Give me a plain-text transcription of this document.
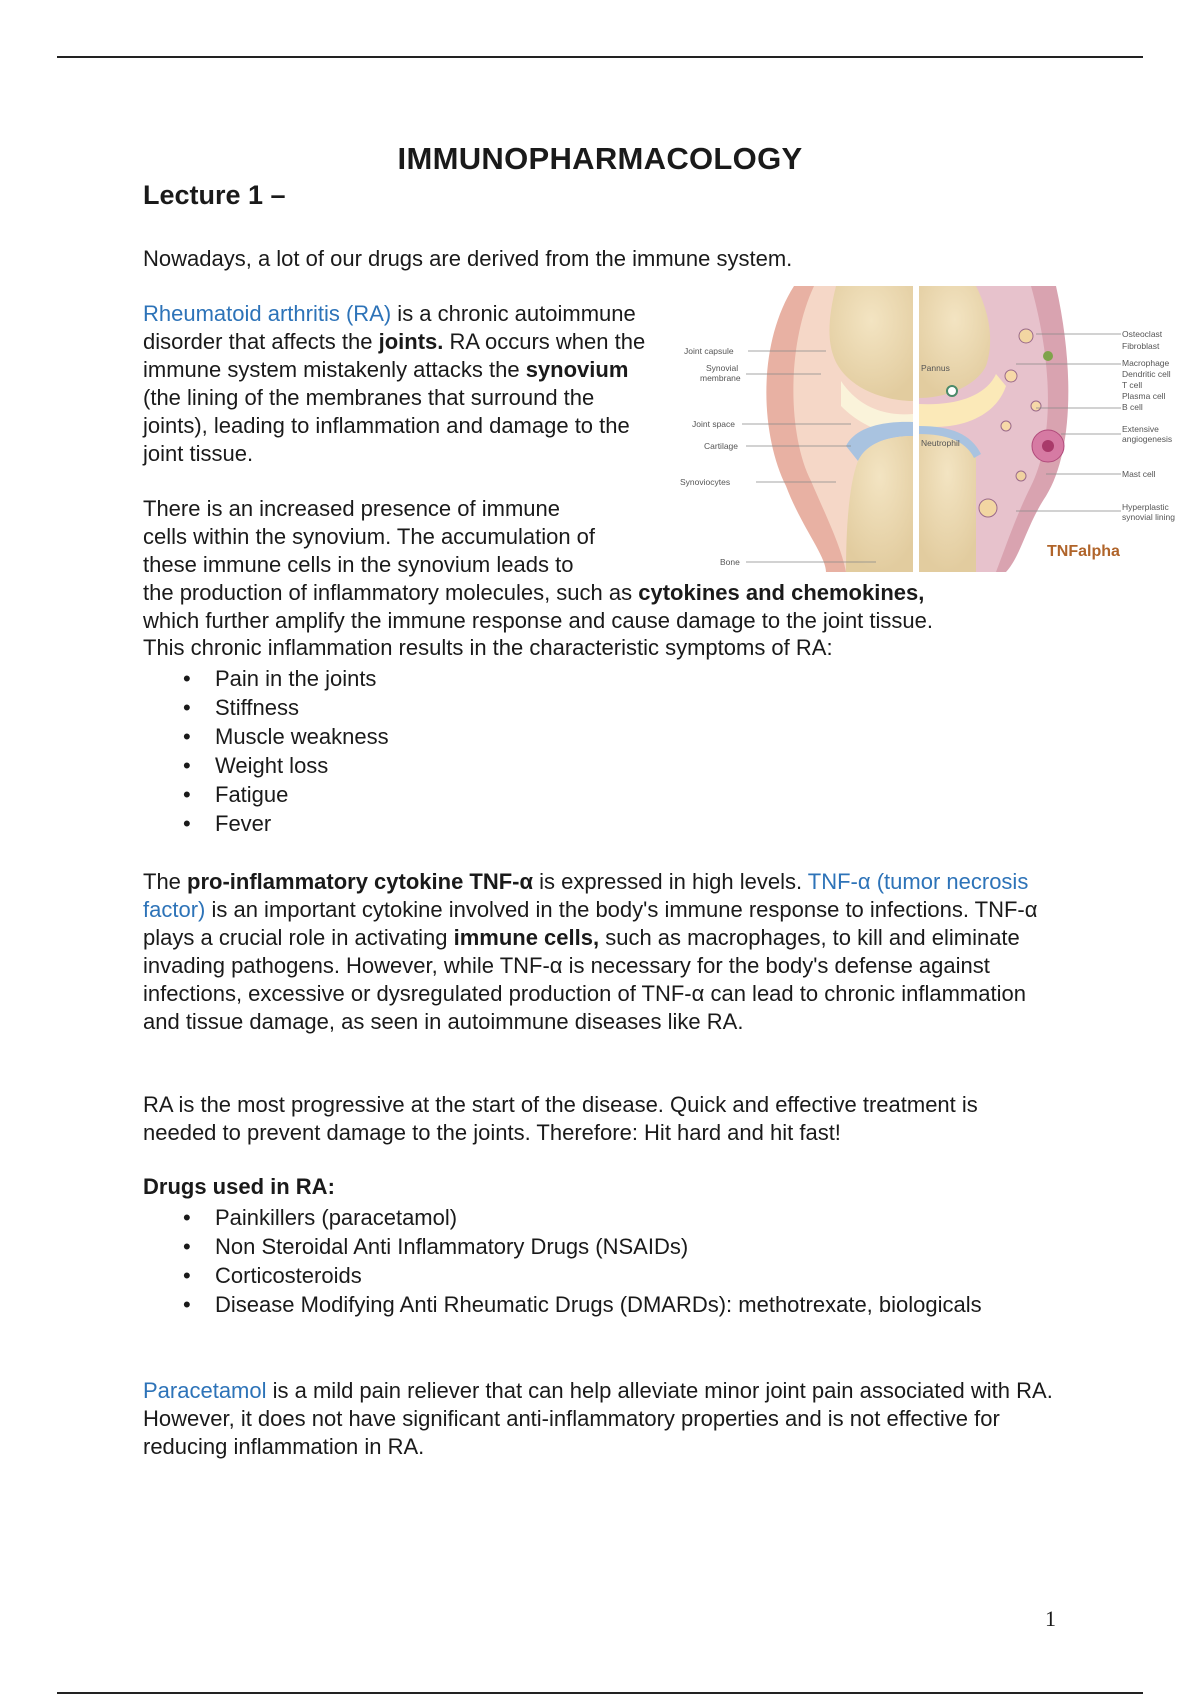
IMMUNOPHARMACOLOGY
Lecture 1 –

Nowadays, a lot of our drugs are derived from the immune system.

Rheumatoid arthritis (RA) is a chronic autoimmune disorder that affects the joints. RA occurs when the immune system mistakenly attacks the synovium (the lining of the membranes that surround the joints), leading to inflammation and damage to the joint tissue.

There is an increased presence of immune

cells within the synovium. The accumulation of

these immune cells in the synovium leads to

the production of inflammatory molecules, such as cytokines and chemokines,

which further amplify the immune response and cause damage to the joint tissue.

This chronic inflammation results in the characteristic symptoms of RA:

• Pain in the joints
• Stiffness
• Muscle weakness
• Weight loss
• Fatigue
• Fever

The pro-inflammatory cytokine TNF-α is expressed in high levels. TNF-α (tumor necrosis factor) is an important cytokine involved in the body's immune response to infections. TNF-α plays a crucial role in activating immune cells, such as macrophages, to kill and eliminate invading pathogens. However, while TNF-α is necessary for the body's defense against infections, excessive or dysregulated production of TNF-α can lead to chronic inflammation and tissue damage, as seen in autoimmune diseases like RA.

RA is the most progressive at the start of the disease. Quick and effective treatment is needed to prevent damage to the joints. Therefore: Hit hard and hit fast!

Drugs used in RA:

• Painkillers (paracetamol)
• Non Steroidal Anti Inflammatory Drugs (NSAIDs)
• Corticosteroids
• Disease Modifying Anti Rheumatic Drugs (DMARDs): methotrexate, biologicals

Paracetamol is a mild pain reliever that can help alleviate minor joint pain associated with RA. However, it does not have significant anti-inflammatory properties and is not effective for reducing inflammation in RA.

Joint capsule
Synovial
membrane
Joint space
Cartilage
Synoviocytes
Bone
Pannus
Neutrophil
Osteoclast
Fibroblast
Macrophage
Dendritic cell
T cell
Plasma cell
B cell
Extensive
angiogenesis
Mast cell
Hyperplastic
synovial lining
TNFalpha
1
